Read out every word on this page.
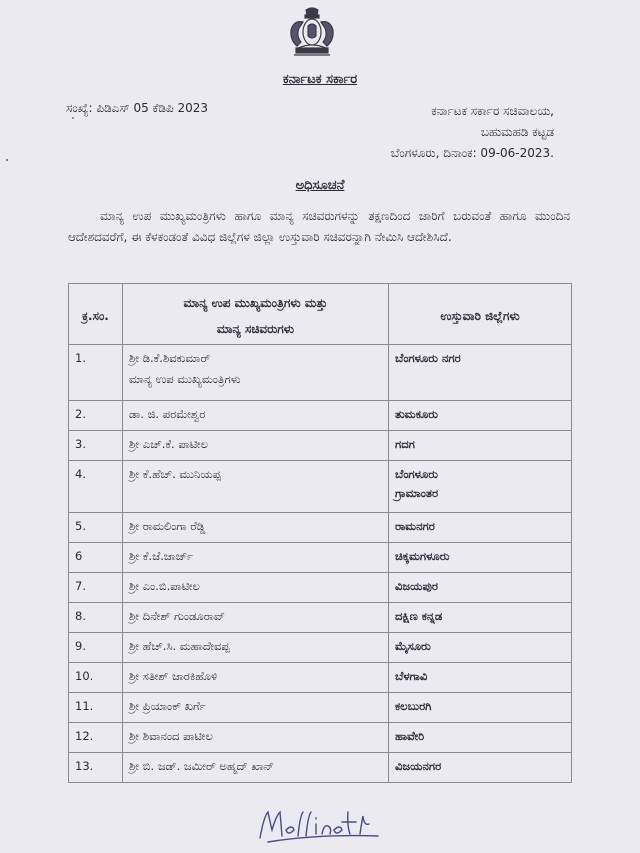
ಕರ್ನಾಟಕ ಸರ್ಕಾರ
ಸಂಖ್ಯೆ: ಪಿಡಿಎಸ್ 05 ಕೆಡಿಪಿ 2023	ಕರ್ನಾಟಕ ಸರ್ಕಾರ ಸಚಿವಾಲಯ,
ಬಹುಮಹಡಿ ಕಟ್ಟಡ
ಬೆಂಗಳೂರು, ದಿನಾಂಕ: 09-06-2023.
ಅಧಿಸೂಚನೆ

ಮಾನ್ಯ ಉಪ ಮುಖ್ಯಮಂತ್ರಿಗಳು ಹಾಗೂ ಮಾನ್ಯ ಸಚಿವರುಗಳನ್ನು ತಕ್ಷಣದಿಂದ ಜಾರಿಗೆ ಬರುವಂತೆ ಹಾಗೂ ಮುಂದಿನ ಆದೇಶದವರೆಗೆ, ಈ ಕೆಳಕಂಡಂತೆ ವಿವಿಧ ಜಿಲ್ಲೆಗಳ ಜಿಲ್ಲಾ ಉಸ್ತುವಾರಿ ಸಚಿವರನ್ನಾಗಿ ನೇಮಿಸಿ ಆದೇಶಿಸಿದೆ.

ಕ್ರ.ಸಂ.	ಮಾನ್ಯ ಉಪ ಮುಖ್ಯಮಂತ್ರಿಗಳು ಮತ್ತು
ಮಾನ್ಯ ಸಚಿವರುಗಳು	ಉಸ್ತುವಾರಿ ಜಿಲ್ಲೆಗಳು
1.	ಶ್ರೀ ಡಿ.ಕೆ.ಶಿವಕುಮಾರ್
ಮಾನ್ಯ ಉಪ ಮುಖ್ಯಮಂತ್ರಿಗಳು	ಬೆಂಗಳೂರು ನಗರ

2.	ಡಾ. ಜಿ. ಪರಮೇಶ್ವರ	ತುಮಕೂರು

3.	ಶ್ರೀ ಎಚ್.ಕೆ. ಪಾಟೀಲ	ಗದಗ

4.	ಶ್ರೀ ಕೆ.ಹೆಚ್. ಮುನಿಯಪ್ಪ	ಬೆಂಗಳೂರು
ಗ್ರಾಮಾಂತರ

5.	ಶ್ರೀ ರಾಮಲಿಂಗಾ ರೆಡ್ಡಿ	ರಾಮನಗರ

6	ಶ್ರೀ ಕೆ.ಜೆ.ಜಾರ್ಜ್	ಚಿಕ್ಕಮಗಳೂರು

7.	ಶ್ರೀ ಎಂ.ಬಿ.ಪಾಟೀಲ	ವಿಜಯಪುರ

8.	ಶ್ರೀ ದಿನೇಶ್ ಗುಂಡೂರಾವ್	ದಕ್ಷಿಣ ಕನ್ನಡ

9.	ಶ್ರೀ ಹೆಚ್.ಸಿ. ಮಹಾದೇವಪ್ಪ	ಮೈಸೂರು

10.	ಶ್ರೀ ಸತೀಶ್ ಜಾರಕಿಹೊಳಿ	ಬೆಳಗಾವಿ

11.	ಶ್ರೀ ಪ್ರಿಯಾಂಕ್ ಖರ್ಗೆ	ಕಲಬುರಗಿ

12.	ಶ್ರೀ ಶಿವಾನಂದ ಪಾಟೀಲ	ಹಾವೇರಿ

13.	ಶ್ರೀ ಬಿ. ಜಡ್. ಜಮೀರ್ ಅಹ್ಮದ್ ಖಾನ್	ವಿಜಯನಗರ
